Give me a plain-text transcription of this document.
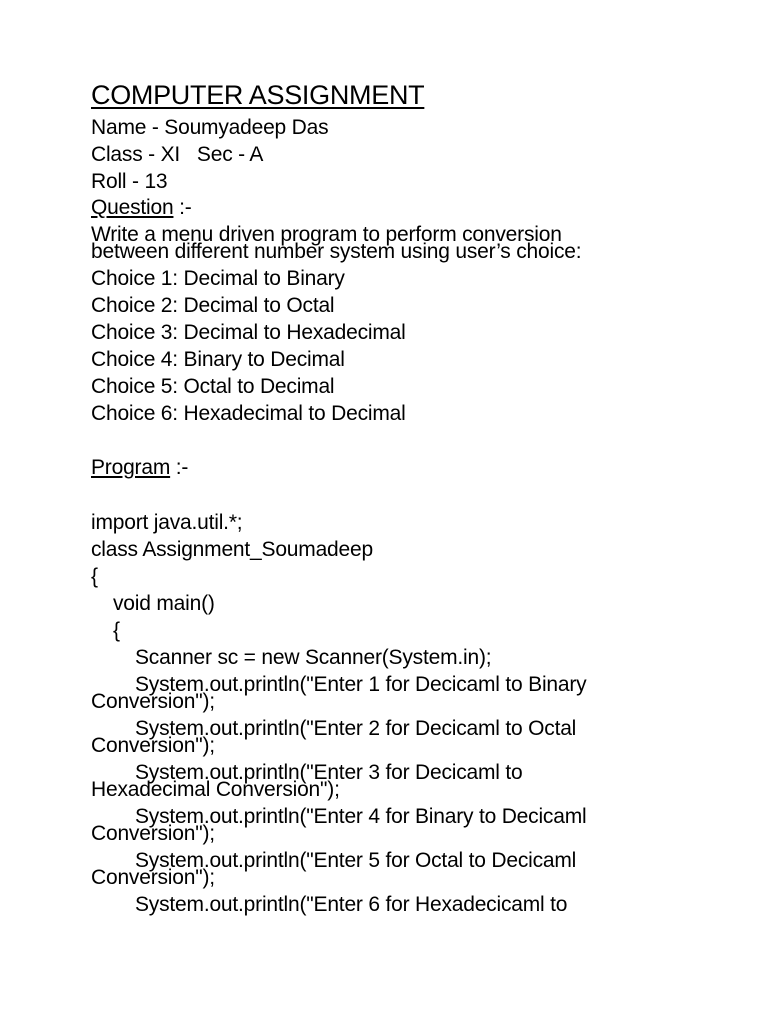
COMPUTER ASSIGNMENT
Name - Soumyadeep Das
Class - XI   Sec - A
Roll - 13
Question :-
Write a menu driven program to perform conversion
between different number system using user’s choice:
Choice 1: Decimal to Binary
Choice 2: Decimal to Octal
Choice 3: Decimal to Hexadecimal
Choice 4: Binary to Decimal
Choice 5: Octal to Decimal
Choice 6: Hexadecimal to Decimal
Program :-
import java.util.*;
class Assignment_Soumadeep
{
void main()
{
Scanner sc = new Scanner(System.in);
System.out.println("Enter 1 for Decicaml to Binary
Conversion");
System.out.println("Enter 2 for Decicaml to Octal
Conversion");
System.out.println("Enter 3 for Decicaml to
Hexadecimal Conversion");
System.out.println("Enter 4 for Binary to Decicaml
Conversion");
System.out.println("Enter 5 for Octal to Decicaml
Conversion");
System.out.println("Enter 6 for Hexadecicaml to
